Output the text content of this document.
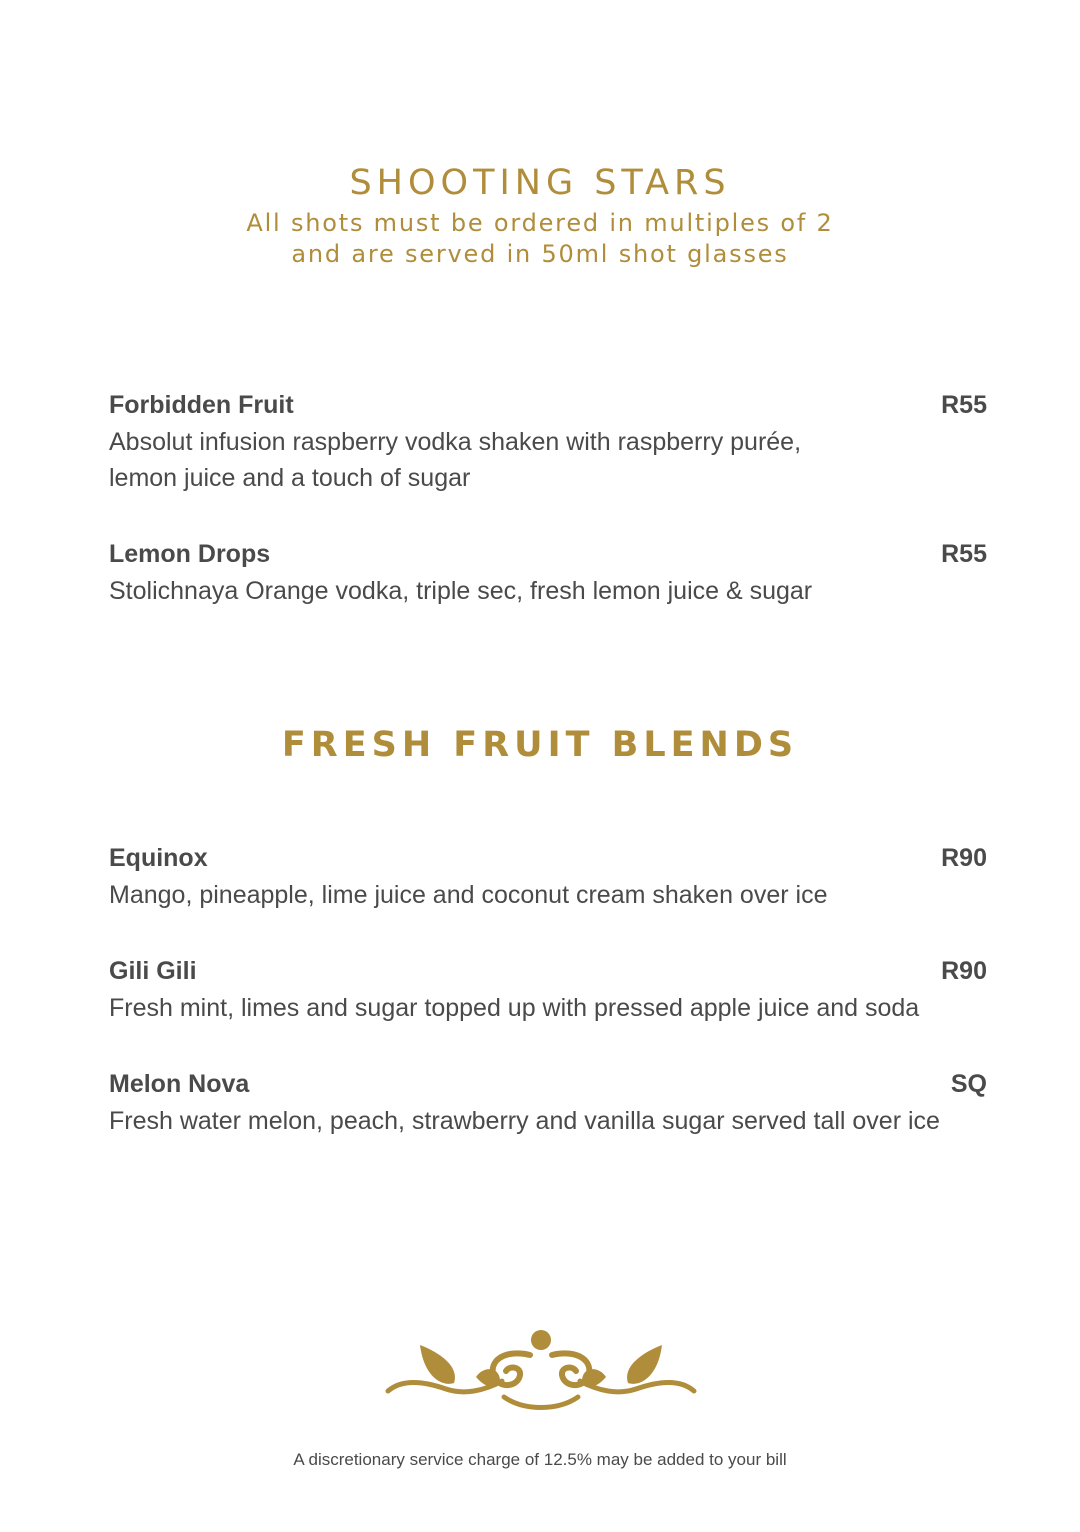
SHOOTING STARS
All shots must be ordered in multiples of 2
and are served in 50ml shot glasses
Forbidden Fruit	R55
Absolut infusion raspberry vodka shaken with raspberry purée,
lemon juice and a touch of sugar
Lemon Drops	R55
Stolichnaya Orange vodka, triple sec, fresh lemon juice & sugar
FRESH FRUIT BLENDS
Equinox	R90
Mango, pineapple, lime juice and coconut cream shaken over ice
Gili Gili	R90
Fresh mint, limes and sugar topped up with pressed apple juice and soda
Melon Nova	SQ
Fresh water melon, peach, strawberry and vanilla sugar served tall over ice
A discretionary service charge of 12.5% may be added to your bill
